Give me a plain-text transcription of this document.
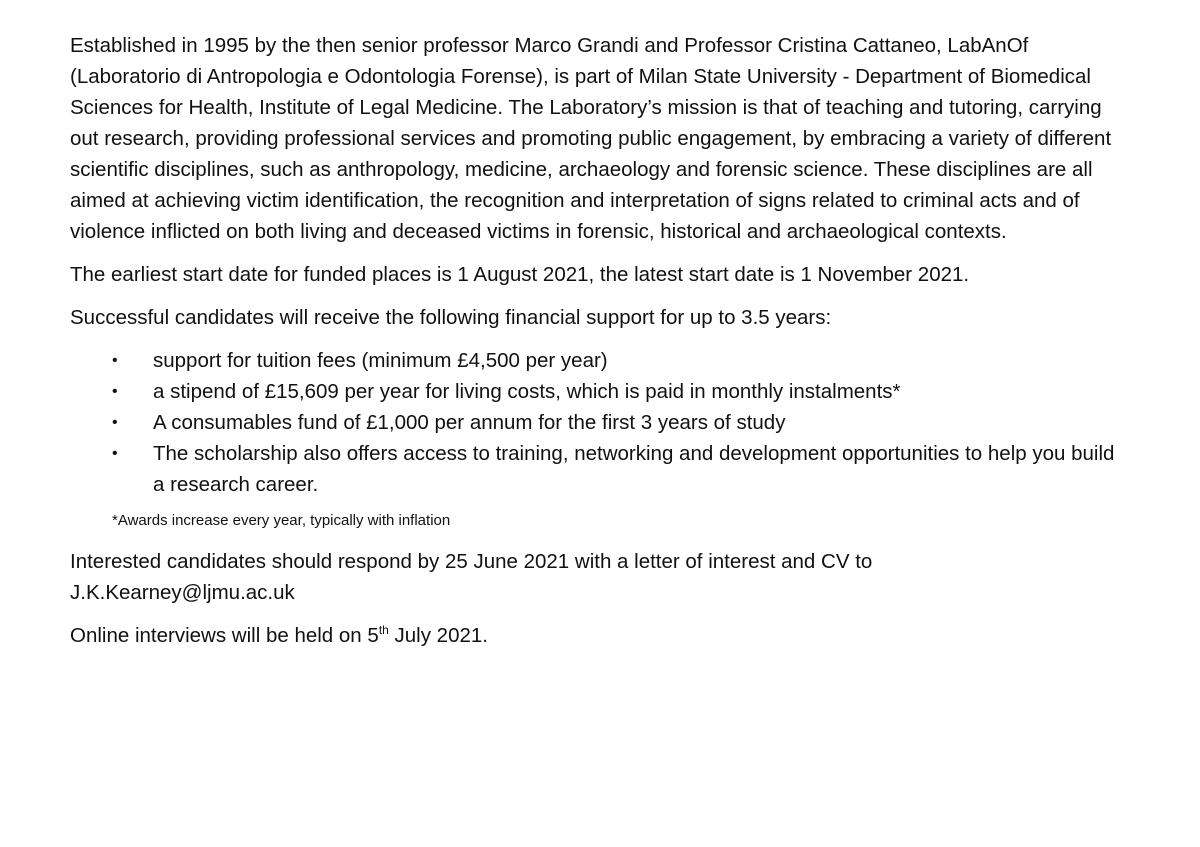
Established in 1995 by the then senior professor Marco Grandi and Professor Cristina Cattaneo, LabAnOf (Laboratorio di Antropologia e Odontologia Forense), is part of Milan State University - Department of Biomedical Sciences for Health, Institute of Legal Medicine. The Laboratory’s mission is that of teaching and tutoring, carrying out research, providing professional services and promoting public engagement, by embracing a variety of different scientific disciplines, such as anthropology, medicine, archaeology and forensic science. These disciplines are all aimed at achieving victim identification, the recognition and interpretation of signs related to criminal acts and of violence inflicted on both living and deceased victims in forensic, historical and archaeological contexts.

The earliest start date for funded places is 1 August 2021, the latest start date is 1 November 2021.

Successful candidates will receive the following financial support for up to 3.5 years:

• support for tuition fees (minimum £4,500 per year)
• a stipend of £15,609 per year for living costs, which is paid in monthly instalments*
• A consumables fund of £1,000 per annum for the first 3 years of study
• The scholarship also offers access to training, networking and development opportunities to help you build a research career.

*Awards increase every year, typically with inflation

Interested candidates should respond by 25 June 2021 with a letter of interest and CV to
J.K.Kearney@ljmu.ac.uk

Online interviews will be held on 5th July 2021.
